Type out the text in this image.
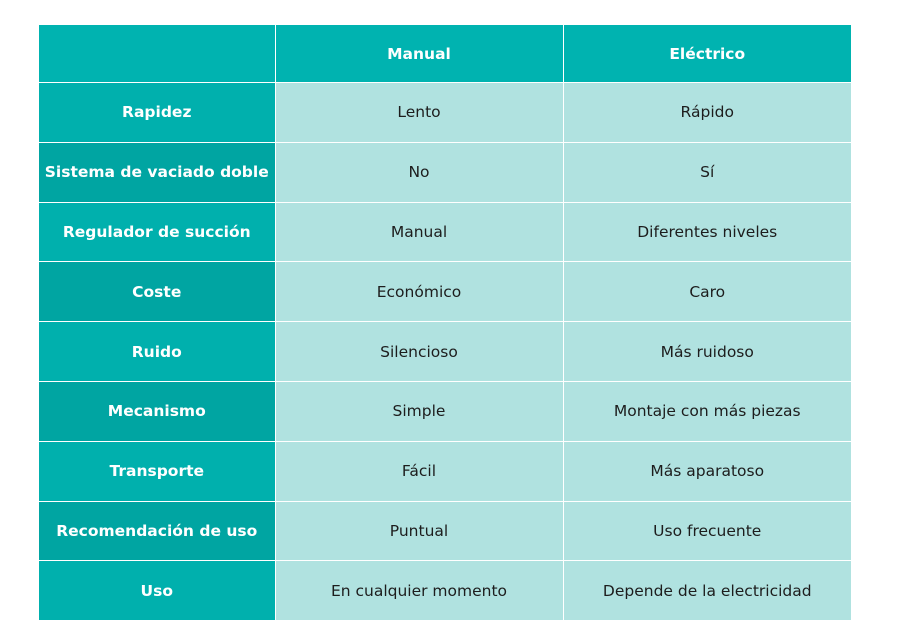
	Manual	Eléctrico
Rapidez	Lento	Rápido
Sistema de vaciado doble	No	Sí
Regulador de succión	Manual	Diferentes niveles
Coste	Económico	Caro
Ruido	Silencioso	Más ruidoso
Mecanismo	Simple	Montaje con más piezas
Transporte	Fácil	Más aparatoso
Recomendación de uso	Puntual	Uso frecuente
Uso	En cualquier momento	Depende de la electricidad
